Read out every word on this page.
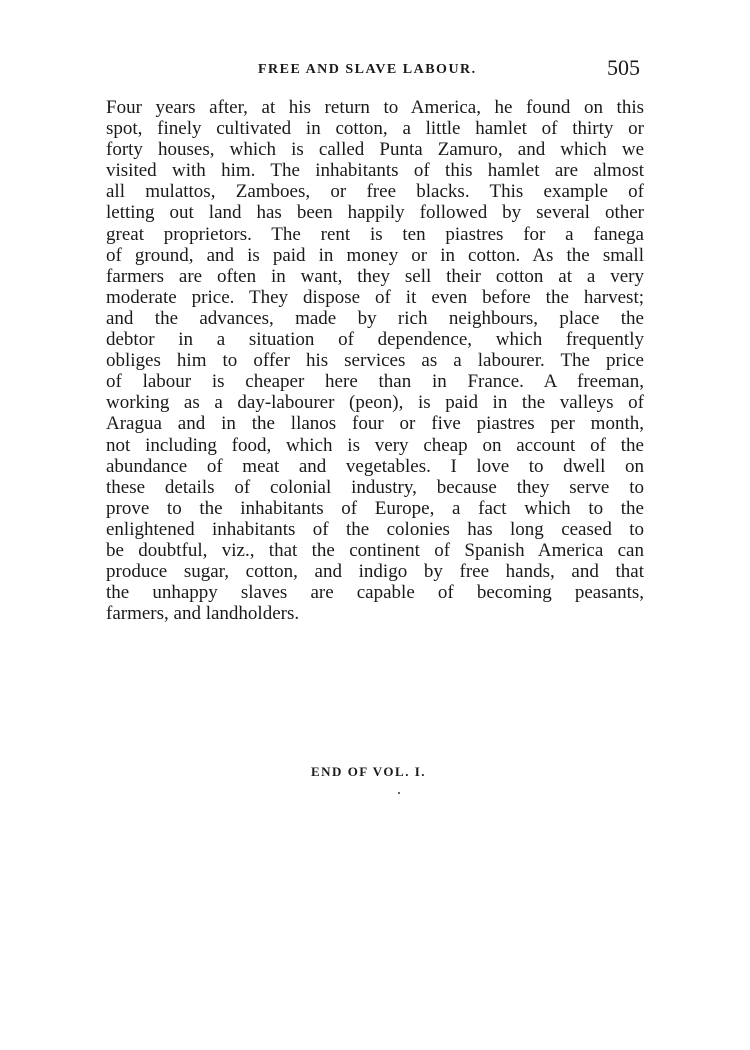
FREE AND SLAVE LABOUR.	505
Four years after, at his return to America, he found on this
spot, finely cultivated in cotton, a little hamlet of thirty or
forty houses, which is called Punta Zamuro, and which we
visited with him. The inhabitants of this hamlet are almost
all mulattos, Zamboes, or free blacks. This example of
letting out land has been happily followed by several other
great proprietors. The rent is ten piastres for a fanega
of ground, and is paid in money or in cotton. As the small
farmers are often in want, they sell their cotton at a very
moderate price. They dispose of it even before the harvest;
and the advances, made by rich neighbours, place the
debtor in a situation of dependence, which frequently
obliges him to offer his services as a labourer. The price
of labour is cheaper here than in France. A freeman,
working as a day-labourer (peon), is paid in the valleys of
Aragua and in the llanos four or five piastres per month,
not including food, which is very cheap on account of the
abundance of meat and vegetables. I love to dwell on
these details of colonial industry, because they serve to
prove to the inhabitants of Europe, a fact which to the
enlightened inhabitants of the colonies has long ceased to
be doubtful, viz., that the continent of Spanish America can
produce sugar, cotton, and indigo by free hands, and that
the unhappy slaves are capable of becoming peasants,
farmers, and landholders.
END OF VOL. I.
